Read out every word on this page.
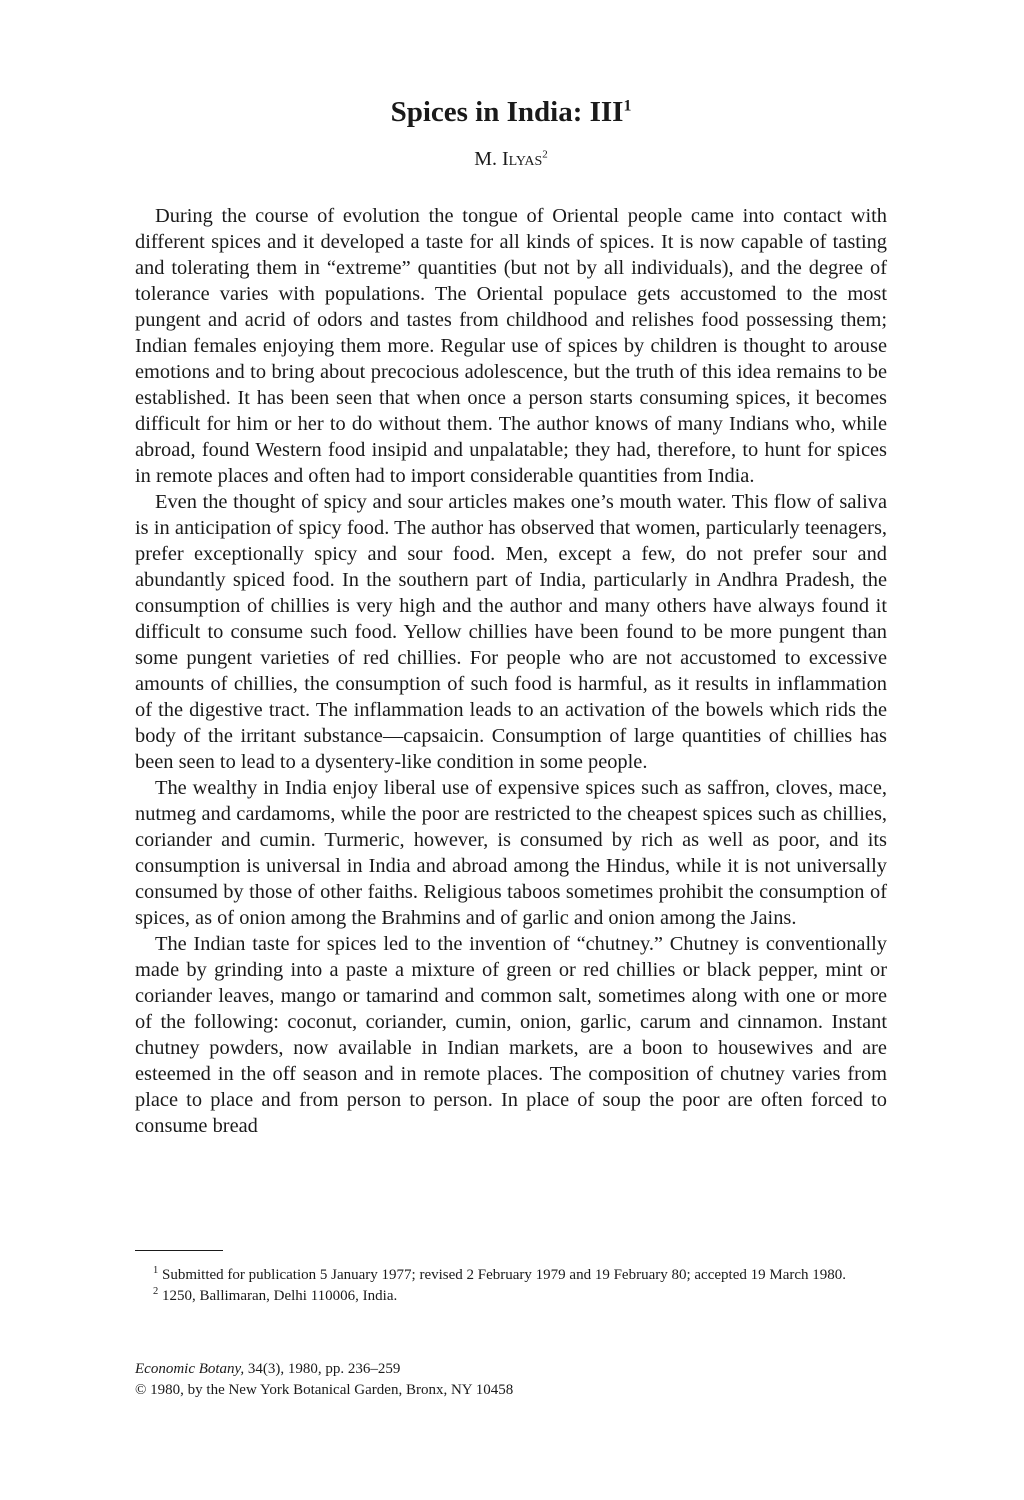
Spices in India: III$^1$
M. Ilyas$^2$

During the course of evolution the tongue of Oriental people came into contact with different spices and it developed a taste for all kinds of spices. It is now capable of tasting and tolerating them in “extreme” quantities (but not by all individuals), and the degree of tolerance varies with populations. The Oriental populace gets accustomed to the most pungent and acrid of odors and tastes from childhood and relishes food possessing them; Indian females enjoying them more. Regular use of spices by children is thought to arouse emotions and to bring about precocious adolescence, but the truth of this idea remains to be established. It has been seen that when once a person starts consuming spices, it becomes difficult for him or her to do without them. The author knows of many Indians who, while abroad, found Western food insipid and unpalatable; they had, therefore, to hunt for spices in remote places and often had to import considerable quantities from India.

Even the thought of spicy and sour articles makes one’s mouth water. This flow of saliva is in anticipation of spicy food. The author has observed that women, particularly teenagers, prefer exceptionally spicy and sour food. Men, except a few, do not prefer sour and abundantly spiced food. In the southern part of India, particularly in Andhra Pradesh, the consumption of chillies is very high and the author and many others have always found it difficult to consume such food. Yellow chillies have been found to be more pungent than some pungent varieties of red chillies. For people who are not accustomed to excessive amounts of chillies, the consumption of such food is harmful, as it results in inflammation of the digestive tract. The inflammation leads to an activation of the bowels which rids the body of the irritant substance—capsaicin. Consumption of large quantities of chillies has been seen to lead to a dysentery-like condition in some people.

The wealthy in India enjoy liberal use of expensive spices such as saffron, cloves, mace, nutmeg and cardamoms, while the poor are restricted to the cheapest spices such as chillies, coriander and cumin. Turmeric, however, is consumed by rich as well as poor, and its consumption is universal in India and abroad among the Hindus, while it is not universally consumed by those of other faiths. Religious taboos sometimes prohibit the consumption of spices, as of onion among the Brahmins and of garlic and onion among the Jains.

The Indian taste for spices led to the invention of “chutney.” Chutney is conventionally made by grinding into a paste a mixture of green or red chillies or black pepper, mint or coriander leaves, mango or tamarind and common salt, sometimes along with one or more of the following: coconut, coriander, cumin, onion, garlic, carum and cinnamon. Instant chutney powders, now available in Indian markets, are a boon to housewives and are esteemed in the off season and in remote places. The composition of chutney varies from place to place and from person to person. In place of soup the poor are often forced to consume bread

$^1$ Submitted for publication 5 January 1977; revised 2 February 1979 and 19 February 80; accepted 19 March 1980.

$^2$ 1250, Ballimaran, Delhi 110006, India.

Economic Botany, 34(3), 1980, pp. 236–259

© 1980, by the New York Botanical Garden, Bronx, NY 10458
